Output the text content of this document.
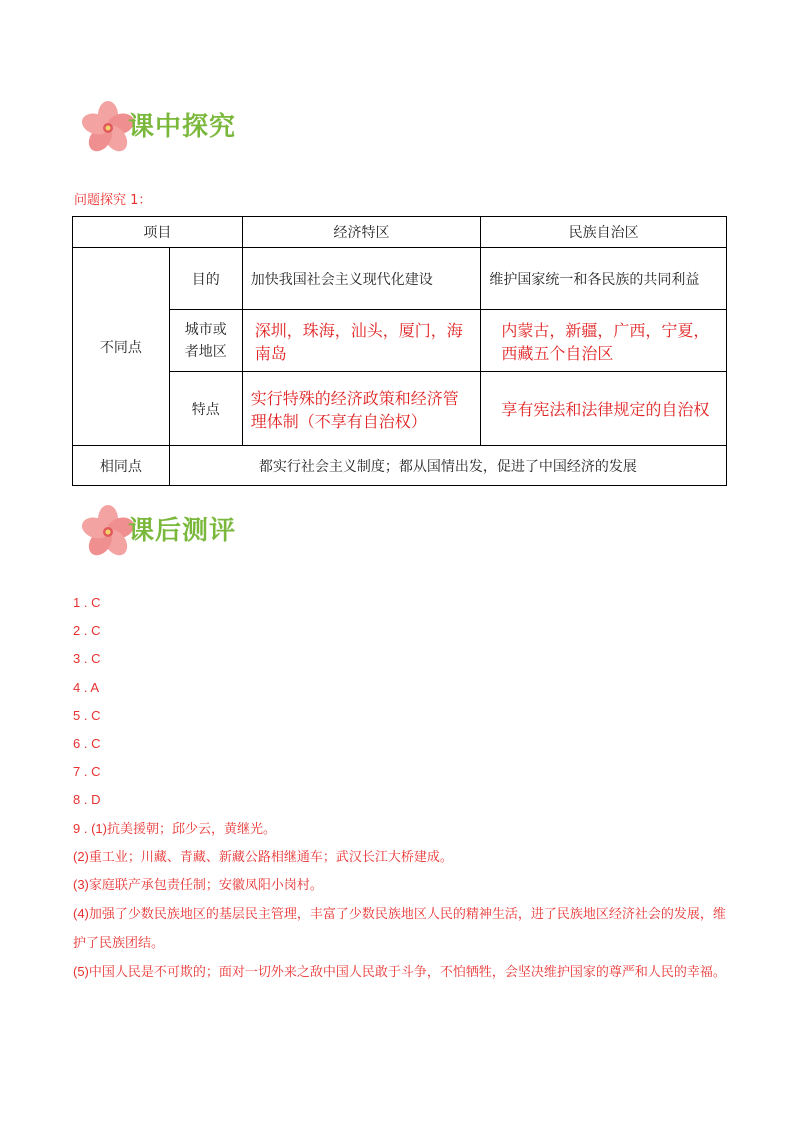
课中探究
问题探究 1：
项目		经济特区	民族自治区
不同点	目的	加快我国社会主义现代化建设	维护国家统一和各民族的共同利益
	城市或者地区	深圳，珠海，汕头，厦门，海南岛	内蒙古，新疆，广西，宁夏，西藏五个自治区
	特点	实行特殊的经济政策和经济管理体制（不享有自治权）	享有宪法和法律规定的自治权
相同点	都实行社会主义制度；都从国情出发，促进了中国经济的发展		
课后测评
1 . C
2 . C
3 . C
4 . A
5 . C
6 . C
7 . C
8 . D
9 . (1)抗美援朝；邱少云，黄继光。
(2)重工业；川藏、青藏、新藏公路相继通车；武汉长江大桥建成。
(3)家庭联产承包责任制；安徽凤阳小岗村。
(4)加强了少数民族地区的基层民主管理，丰富了少数民族地区人民的精神生活，进了民族地区经济社会的发展，维护了民族团结。
(5)中国人民是不可欺的；面对一切外来之敌中国人民敢于斗争，不怕牺牲，会坚决维护国家的尊严和人民的幸福。
